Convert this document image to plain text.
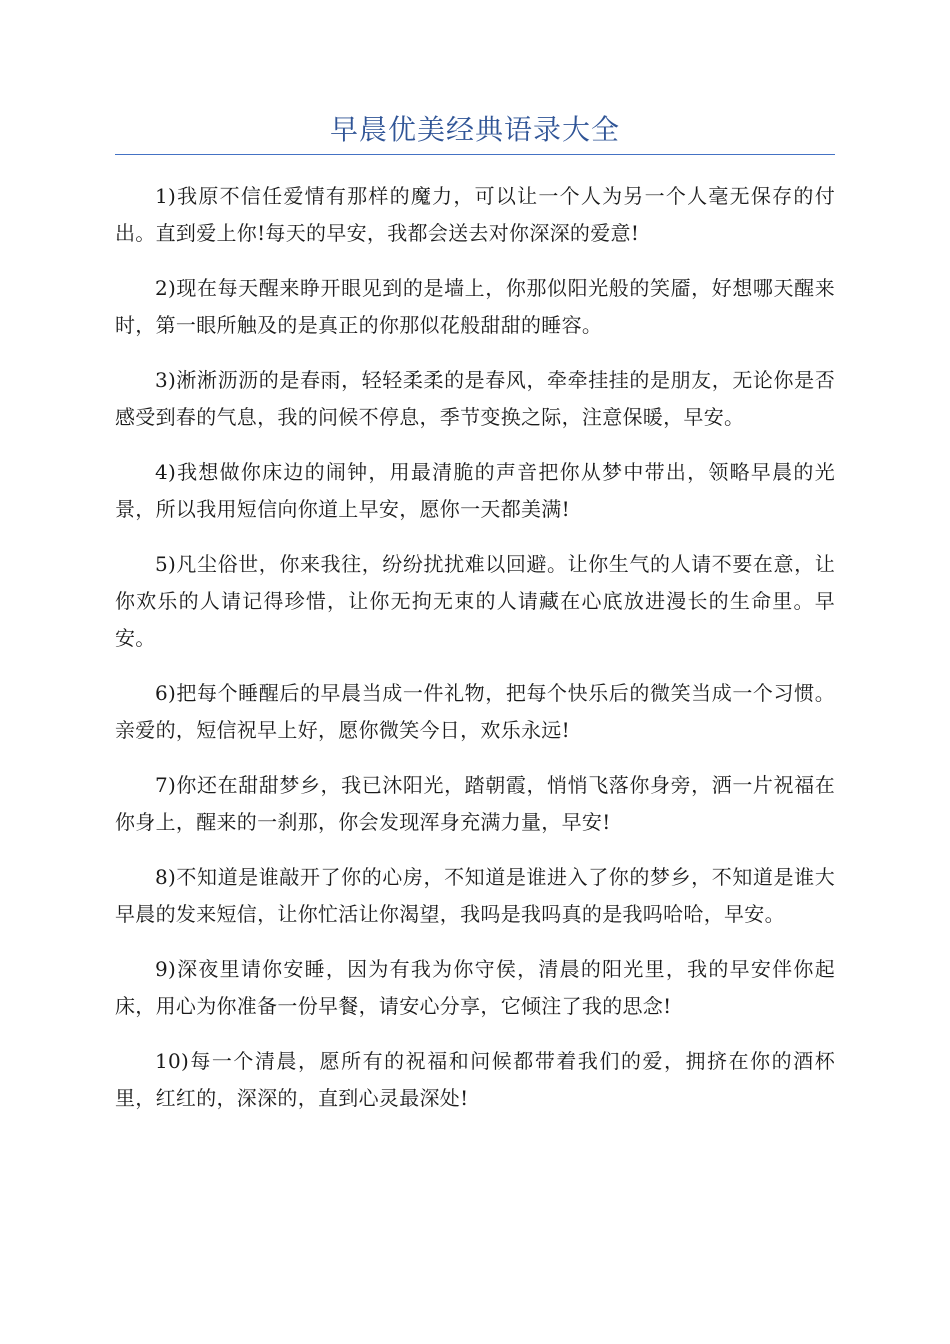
早晨优美经典语录大全

1)我原不信任爱情有那样的魔力，可以让一个人为另一个人毫无保存的付出。直到爱上你!每天的早安，我都会送去对你深深的爱意!

2)现在每天醒来睁开眼见到的是墙上，你那似阳光般的笑靥，好想哪天醒来时，第一眼所触及的是真正的你那似花般甜甜的睡容。

3)淅淅沥沥的是春雨，轻轻柔柔的是春风，牵牵挂挂的是朋友，无论你是否感受到春的气息，我的问候不停息，季节变换之际，注意保暖，早安。

4)我想做你床边的闹钟，用最清脆的声音把你从梦中带出，领略早晨的光景，所以我用短信向你道上早安，愿你一天都美满!

5)凡尘俗世，你来我往，纷纷扰扰难以回避。让你生气的人请不要在意，让你欢乐的人请记得珍惜，让你无拘无束的人请藏在心底放进漫长的生命里。早安。

6)把每个睡醒后的早晨当成一件礼物，把每个快乐后的微笑当成一个习惯。亲爱的，短信祝早上好，愿你微笑今日，欢乐永远!

7)你还在甜甜梦乡，我已沐阳光，踏朝霞，悄悄飞落你身旁，洒一片祝福在你身上，醒来的一刹那，你会发现浑身充满力量，早安!

8)不知道是谁敲开了你的心房，不知道是谁进入了你的梦乡，不知道是谁大早晨的发来短信，让你忙活让你渴望，我吗是我吗真的是我吗哈哈，早安。

9)深夜里请你安睡，因为有我为你守侯，清晨的阳光里，我的早安伴你起床，用心为你准备一份早餐，请安心分享，它倾注了我的思念!

10)每一个清晨，愿所有的祝福和问候都带着我们的爱，拥挤在你的酒杯里，红红的，深深的，直到心灵最深处!
